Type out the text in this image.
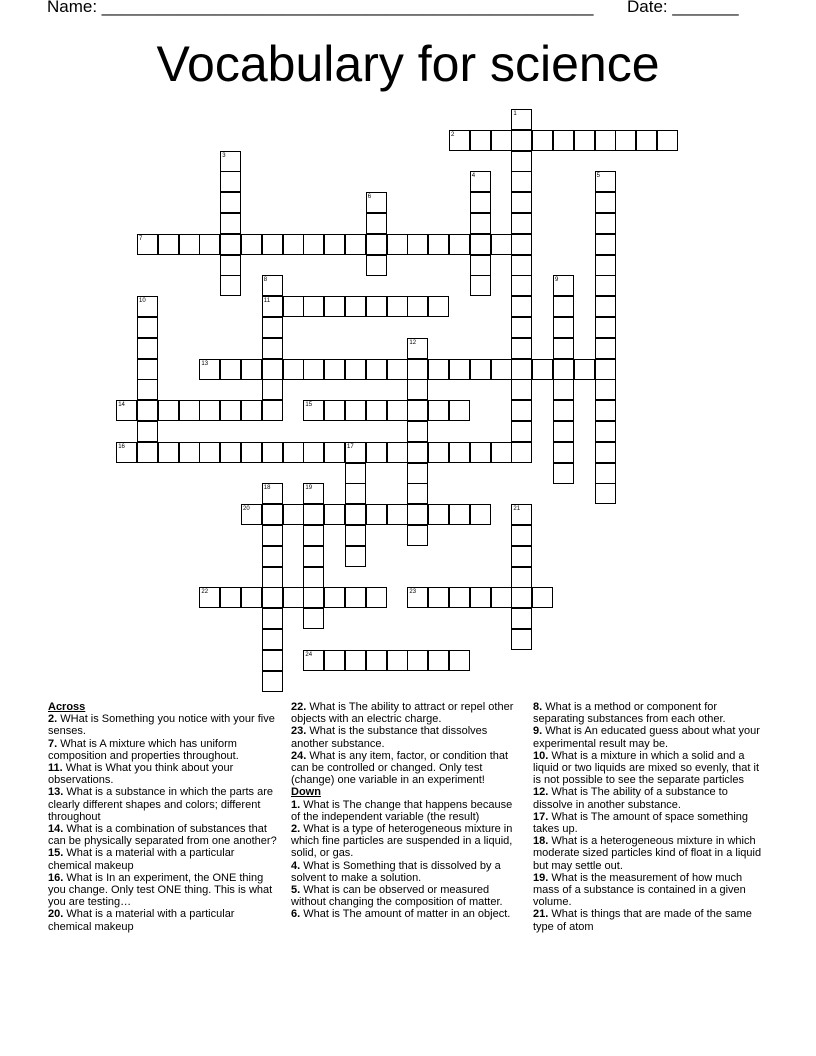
Name: ____________________________________________________ Date: _______
Vocabulary for science
1
2
3
4	5
6
7
8	9
10	11
12
13
14	15
16	17
18	19
20	21
22	23
24
Across
2. WHat is Something you notice with your five senses.
7. What is A mixture which has uniform composition and properties throughout.
11. What is What you think about your observations.
13. What is a substance in which the parts are clearly different shapes and colors; different throughout
14. What is a combination of substances that can be physically separated from one another?
15. What is a material with a particular chemical makeup
16. What is In an experiment, the ONE thing you change. Only test ONE thing. This is what you are testing…
20. What is a material with a particular chemical makeup
22. What is The ability to attract or repel other objects with an electric charge.
23. What is the substance that dissolves another substance.
24. What is any item, factor, or condition that can be controlled or changed. Only test (change) one variable in an experiment!
Down
1. What is The change that happens because of the independent variable (the result)
2. What is a type of heterogeneous mixture in which fine particles are suspended in a liquid, solid, or gas.
4. What is Something that is dissolved by a solvent to make a solution.
5. What is can be observed or measured without changing the composition of matter.
6. What is The amount of matter in an object.
8. What is a method or component for separating substances from each other.
9. What is An educated guess about what your experimental result may be.
10. What is a mixture in which a solid and a liquid or two liquids are mixed so evenly, that it is not possible to see the separate particles
12. What is The ability of a substance to dissolve in another substance.
17. What is The amount of space something takes up.
18. What is a heterogeneous mixture in which moderate sized particles kind of float in a liquid but may settle out.
19. What is the measurement of how much mass of a substance is contained in a given volume.
21. What is things that are made of the same type of atom
